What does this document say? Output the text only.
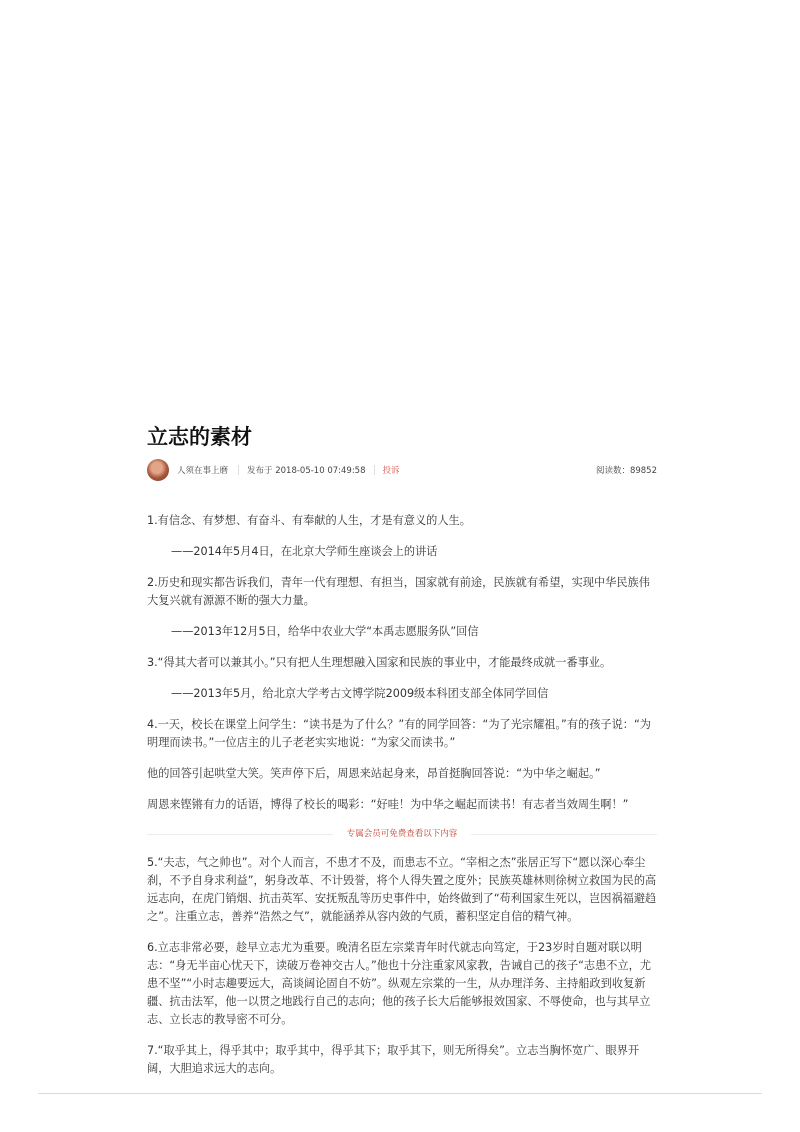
立志的素材
人须在事上磨 发布于 2018-05-10 07:49:58 投诉	阅读数：89852

1.有信念、有梦想、有奋斗、有奉献的人生，才是有意义的人生。

——2014年5月4日，在北京大学师生座谈会上的讲话

2.历史和现实都告诉我们，青年一代有理想、有担当，国家就有前途，民族就有希望，实现中华民族伟大复兴就有源源不断的强大力量。

——2013年12月5日，给华中农业大学“本禹志愿服务队”回信

3.“得其大者可以兼其小。”只有把人生理想融入国家和民族的事业中，才能最终成就一番事业。

——2013年5月，给北京大学考古文博学院2009级本科团支部全体同学回信

4.一天，校长在课堂上问学生：“读书是为了什么？”有的同学回答：“为了光宗耀祖。”有的孩子说：“为明理而读书。”一位店主的儿子老老实实地说：“为家父而读书。”

他的回答引起哄堂大笑。笑声停下后，周恩来站起身来，昂首挺胸回答说：“为中华之崛起。”

周恩来铿锵有力的话语，博得了校长的喝彩：“好哇！为中华之崛起而读书！有志者当效周生啊！”

专属会员可免费查看以下内容

5.“夫志，气之帅也”。对个人而言，不患才不及，而患志不立。“宰相之杰”张居正写下“愿以深心奉尘刹，不予自身求利益”，躬身改革、不计毁誉，将个人得失置之度外；民族英雄林则徐树立救国为民的高远志向，在虎门销烟、抗击英军、安抚叛乱等历史事件中，始终做到了“苟利国家生死以，岂因祸福避趋之”。注重立志，善养“浩然之气”，就能涵养从容内敛的气质，蓄积坚定自信的精气神。

6.立志非常必要，趁早立志尤为重要。晚清名臣左宗棠青年时代就志向笃定，于23岁时自题对联以明志：“身无半亩心忧天下，读破万卷神交古人。”他也十分注重家风家教，告诫自己的孩子“志患不立，尤患不坚”“小时志趣要远大，高谈阔论固自不妨”。纵观左宗棠的一生，从办理洋务、主持船政到收复新疆、抗击法军，他一以贯之地践行自己的志向；他的孩子长大后能够报效国家、不辱使命，也与其早立志、立长志的教导密不可分。

7.“取乎其上，得乎其中；取乎其中，得乎其下；取乎其下，则无所得矣”。立志当胸怀宽广、眼界开阔，大胆追求远大的志向。
